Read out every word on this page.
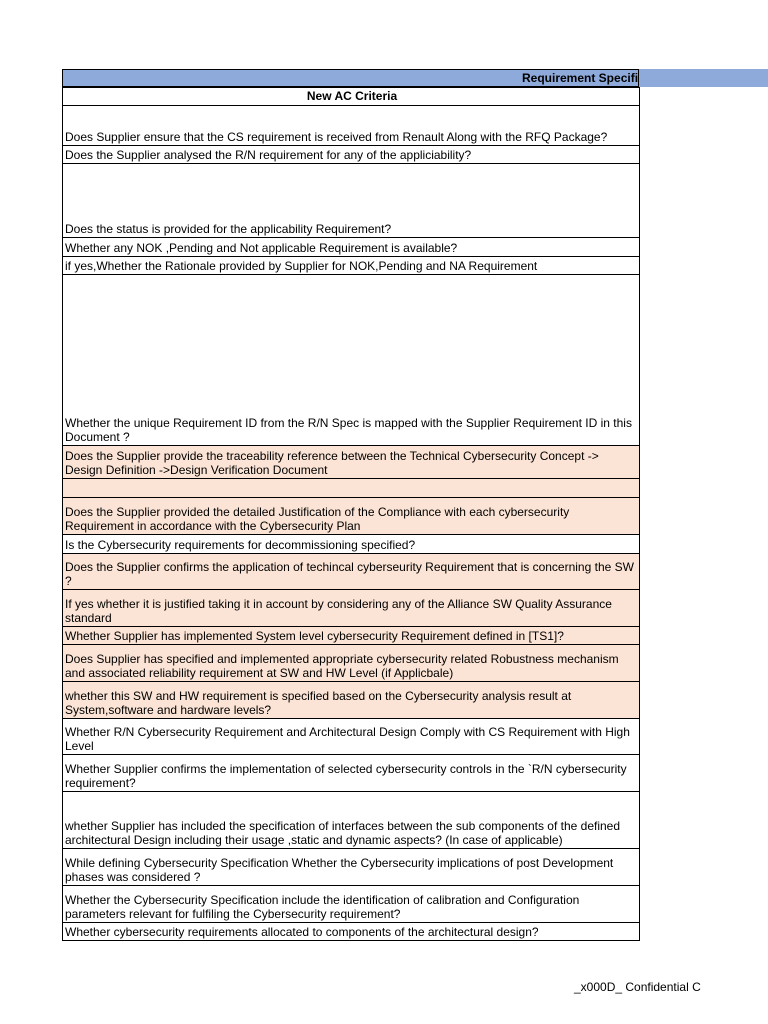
Requirement Specifi
New AC Criteria
Does Supplier ensure that the CS requirement is received from Renault Along with the RFQ Package?
Does the Supplier analysed the R/N requirement for any of the appliciability?
Does the status is provided for the applicability Requirement?
Whether any NOK ,Pending and Not applicable Requirement is available?
if yes,Whether the Rationale provided by Supplier for NOK,Pending and NA Requirement
Whether the unique Requirement ID from the R/N Spec is mapped with the Supplier Requirement ID in this Document ?
Does the Supplier provide the traceability reference between the Technical Cybersecurity Concept -> Design Definition ->Design Verification Document

Does the Supplier provided the detailed Justification of the Compliance with each cybersecurity Requirement in accordance with the Cybersecurity Plan
Is the Cybersecurity requirements for decommissioning specified?
Does the Supplier confirms the application of techincal cyberseurity Requirement that is concerning the SW ?
If yes whether it is justified taking it in account by considering any of the Alliance SW Quality Assurance standard
Whether Supplier has implemented System level cybersecurity Requirement defined in [TS1]?
Does Supplier has specified and implemented appropriate cybersecurity related Robustness mechanism and associated reliability requirement at SW and HW Level (if Applicbale)
whether this SW and HW requirement is specified based on the Cybersecurity analysis result at System,software and hardware levels?
Whether R/N Cybersecurity Requirement and Architectural Design Comply with CS Requirement with High Level
Whether Supplier confirms the implementation of selected cybersecurity controls in the `R/N cybersecurity requirement?
whether Supplier has included the specification of interfaces between the sub components of the defined architectural Design including their usage ,static and dynamic aspects? (In case of applicable)
While defining Cybersecurity Specification Whether the Cybersecurity implications of post Development phases was considered ?
Whether the Cybersecurity Specification include the identification of calibration and Configuration parameters relevant for fulfiling the Cybersecurity requirement?
Whether cybersecurity requirements allocated to components of the architectural design?
_x000D_ Confidential C
